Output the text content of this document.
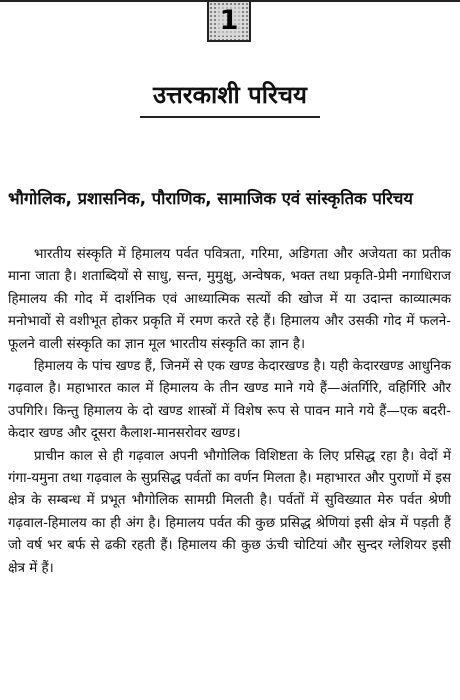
1
उत्तरकाशी परिचय
भौगोलिक, प्रशासनिक, पौराणिक, सामाजिक एवं सांस्कृतिक परिचय

भारतीय संस्कृति में हिमालय पर्वत पवित्रता, गरिमा, अडिगता और अजेयता का प्रतीक माना जाता है। शताब्दियों से साधु, सन्त, मुमुक्षु, अन्वेषक, भक्त तथा प्रकृति-प्रेमी नगाधिराज हिमालय की गोद में दार्शनिक एवं आध्यात्मिक सत्यों की खोज में या उदान्त काव्यात्मक मनोभावों से वशीभूत होकर प्रकृति में रमण करते रहे हैं। हिमालय और उसकी गोद में फलने-फूलने वाली संस्कृति का ज्ञान मूल भारतीय संस्कृति का ज्ञान है।

हिमालय के पांच खण्ड हैं, जिनमें से एक खण्ड केदारखण्ड है। यही केदारखण्ड आधुनिक गढ़वाल है। महाभारत काल में हिमालय के तीन खण्ड माने गये हैं—अंतर्गिरि, वहिर्गिरि और उपगिरि। किन्तु हिमालय के दो खण्ड शास्त्रों में विशेष रूप से पावन माने गये हैं—एक बदरी-केदार खण्ड और दूसरा कैलाश-मानसरोवर खण्ड।

प्राचीन काल से ही गढ़वाल अपनी भौगोलिक विशिष्टता के लिए प्रसिद्ध रहा है। वेदों में गंगा-यमुना तथा गढ़वाल के सुप्रसिद्ध पर्वतों का वर्णन मिलता है। महाभारत और पुराणों में इस क्षेत्र के सम्बन्ध में प्रभूत भौगोलिक सामग्री मिलती है। पर्वतों में सुविख्यात मेरु पर्वत श्रेणी गढ़वाल-हिमालय का ही अंग है। हिमालय पर्वत की कुछ प्रसिद्ध श्रेणियां इसी क्षेत्र में पड़ती हैं जो वर्ष भर बर्फ से ढकी रहती हैं। हिमालय की कुछ ऊंची चोटियां और सुन्दर ग्लेशियर इसी क्षेत्र में हैं।
